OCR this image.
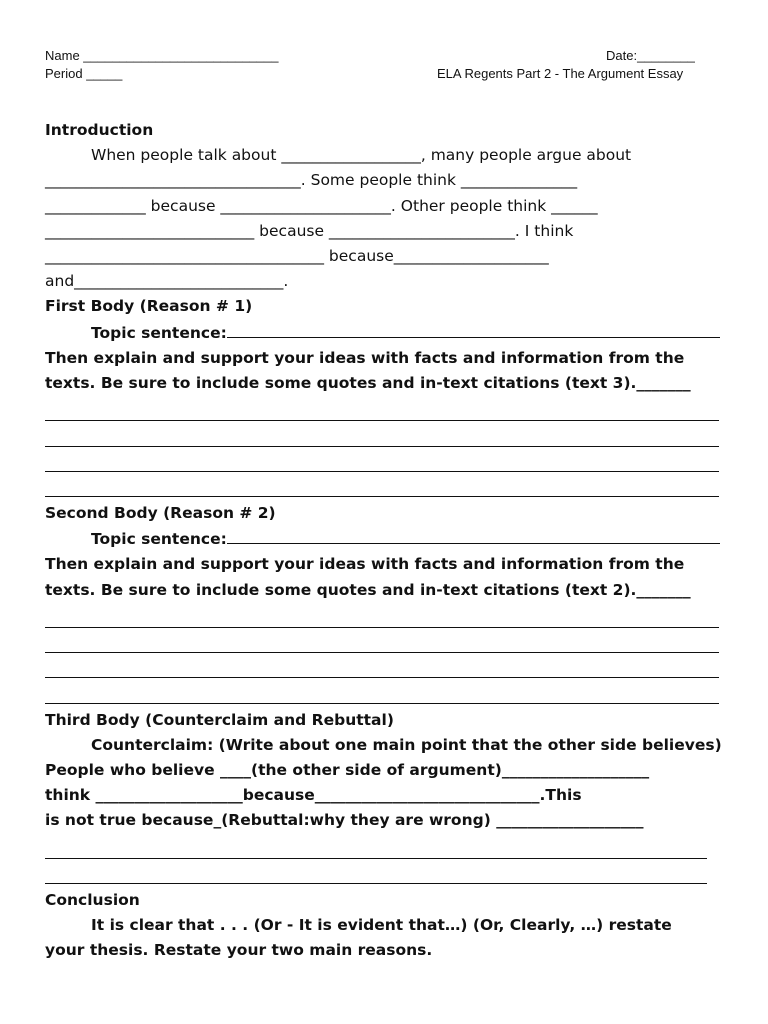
Name ___________________________
Period _____
Date:________
ELA Regents Part 2 - The Argument Essay

Introduction

When people talk about __________________, many people argue about

_________________________________. Some people think _______________

_____________ because ______________________. Other people think ______

___________________________ because ________________________. I think

____________________________________ because____________________

and___________________________.

First Body (Reason # 1)

Topic sentence:

Then explain and support your ideas with facts and information from the

texts. Be sure to include some quotes and in-text citations (text 3)._______

Second Body (Reason # 2)

Topic sentence:

Then explain and support your ideas with facts and information from the

texts. Be sure to include some quotes and in-text citations (text 2)._______

Third Body (Counterclaim and Rebuttal)

Counterclaim: (Write about one main point that the other side believes)

People who believe ____(the other side of argument)___________________

think ___________________because_____________________________.This

is not true because_(Rebuttal:why they are wrong) ___________________

Conclusion

It is clear that . . . (Or - It is evident that…) (Or, Clearly, …) restate

your thesis. Restate your two main reasons.
